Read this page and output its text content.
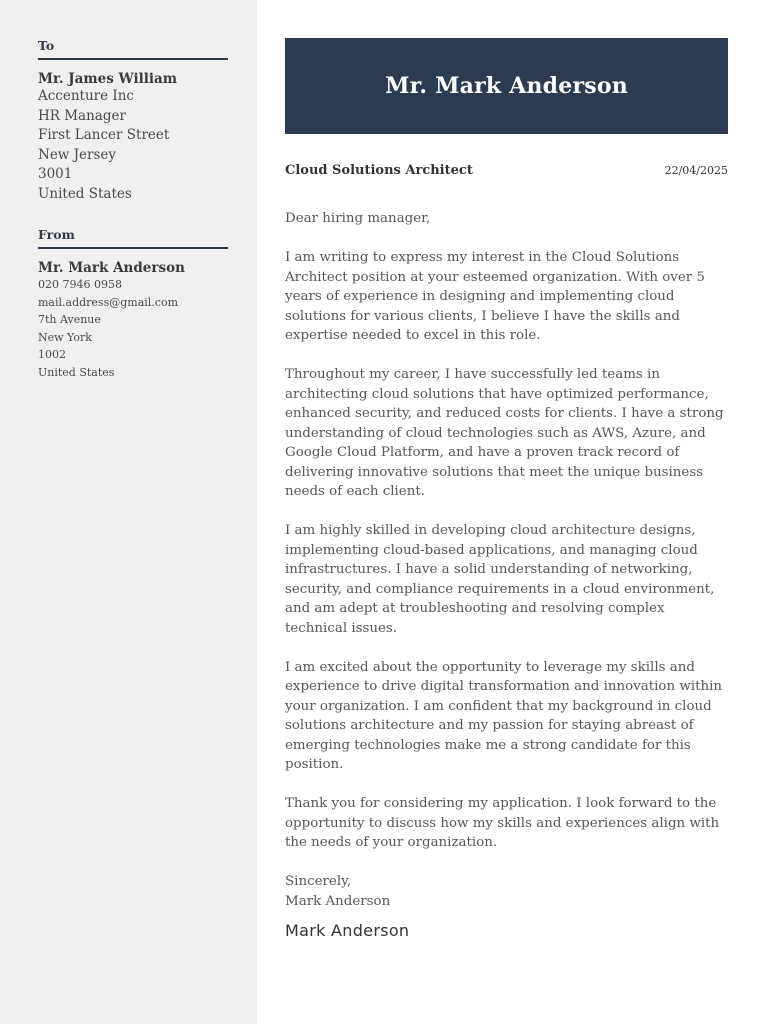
To
Mr. James William
Accenture Inc
HR Manager
First Lancer Street
New Jersey
3001
United States
From
Mr. Mark Anderson
020 7946 0958
mail.address@gmail.com
7th Avenue
New York
1002
United States
Mr. Mark Anderson
Cloud Solutions Architect	22/04/2025

Dear hiring manager,

I am writing to express my interest in the Cloud Solutions Architect position at your esteemed organization. With over 5 years of experience in designing and implementing cloud solutions for various clients, I believe I have the skills and expertise needed to excel in this role.

Throughout my career, I have successfully led teams in architecting cloud solutions that have optimized performance, enhanced security, and reduced costs for clients. I have a strong understanding of cloud technologies such as AWS, Azure, and Google Cloud Platform, and have a proven track record of delivering innovative solutions that meet the unique business needs of each client.

I am highly skilled in developing cloud architecture designs, implementing cloud-based applications, and managing cloud infrastructures. I have a solid understanding of networking, security, and compliance requirements in a cloud environment, and am adept at troubleshooting and resolving complex technical issues.

I am excited about the opportunity to leverage my skills and experience to drive digital transformation and innovation within your organization. I am confident that my background in cloud solutions architecture and my passion for staying abreast of emerging technologies make me a strong candidate for this position.

Thank you for considering my application. I look forward to the opportunity to discuss how my skills and experiences align with the needs of your organization.

Sincerely,
Mark Anderson
Mark Anderson
